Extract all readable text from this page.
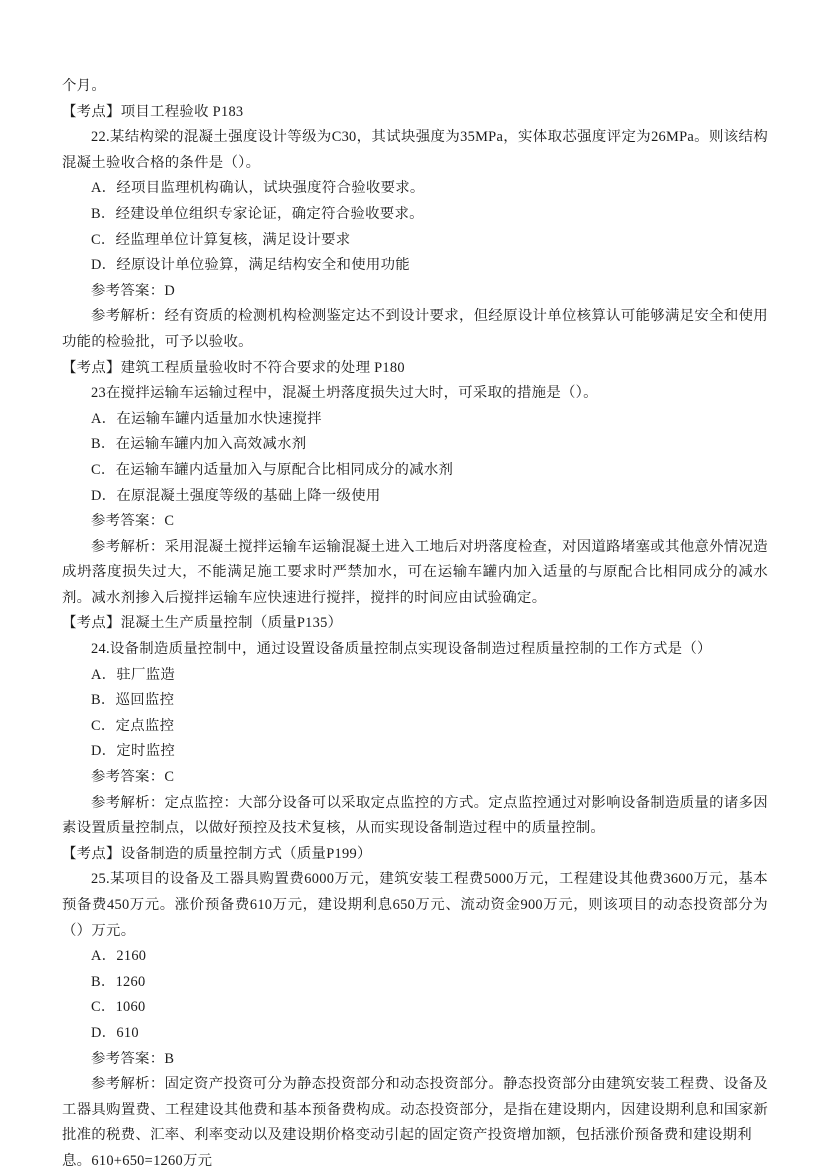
个月。
【考点】项目工程验收 P183
22.某结构梁的混凝土强度设计等级为C30，其试块强度为35MPa，实体取芯强度评定为26MPa。则该结构混凝土验收合格的条件是（）。
A．经项目监理机构确认，试块强度符合验收要求。
B．经建设单位组织专家论证，确定符合验收要求。
C．经监理单位计算复核，满足设计要求
D．经原设计单位验算，满足结构安全和使用功能
参考答案：D
参考解析：经有资质的检测机构检测鉴定达不到设计要求，但经原设计单位核算认可能够满足安全和使用功能的检验批，可予以验收。
【考点】建筑工程质量验收时不符合要求的处理 P180
23在搅拌运输车运输过程中，混凝土坍落度损失过大时，可采取的措施是（）。
A．在运输车罐内适量加水快速搅拌
B．在运输车罐内加入高效减水剂
C．在运输车罐内适量加入与原配合比相同成分的减水剂
D．在原混凝土强度等级的基础上降一级使用
参考答案：C
参考解析：采用混凝土搅拌运输车运输混凝土进入工地后对坍落度检查，对因道路堵塞或其他意外情况造成坍落度损失过大，不能满足施工要求时严禁加水，可在运输车罐内加入适量的与原配合比相同成分的减水剂。减水剂掺入后搅拌运输车应快速进行搅拌，搅拌的时间应由试验确定。
【考点】混凝土生产质量控制（质量P135）
24.设备制造质量控制中，通过设置设备质量控制点实现设备制造过程质量控制的工作方式是（）
A．驻厂监造
B．巡回监控
C．定点监控
D．定时监控
参考答案：C
参考解析：定点监控：大部分设备可以采取定点监控的方式。定点监控通过对影响设备制造质量的诸多因素设置质量控制点，以做好预控及技术复核，从而实现设备制造过程中的质量控制。
【考点】设备制造的质量控制方式（质量P199）
25.某项目的设备及工器具购置费6000万元，建筑安装工程费5000万元，工程建设其他费3600万元，基本预备费450万元。涨价预备费610万元，建设期利息650万元、流动资金900万元，则该项目的动态投资部分为（）万元。
A．2160
B．1260
C．1060
D．610
参考答案：B
参考解析：固定资产投资可分为静态投资部分和动态投资部分。静态投资部分由建筑安装工程费、设备及工器具购置费、工程建设其他费和基本预备费构成。动态投资部分，是指在建设期内，因建设期利息和国家新批准的税费、汇率、利率变动以及建设期价格变动引起的固定资产投资增加额，包括涨价预备费和建设期利
息。610+650=1260万元
